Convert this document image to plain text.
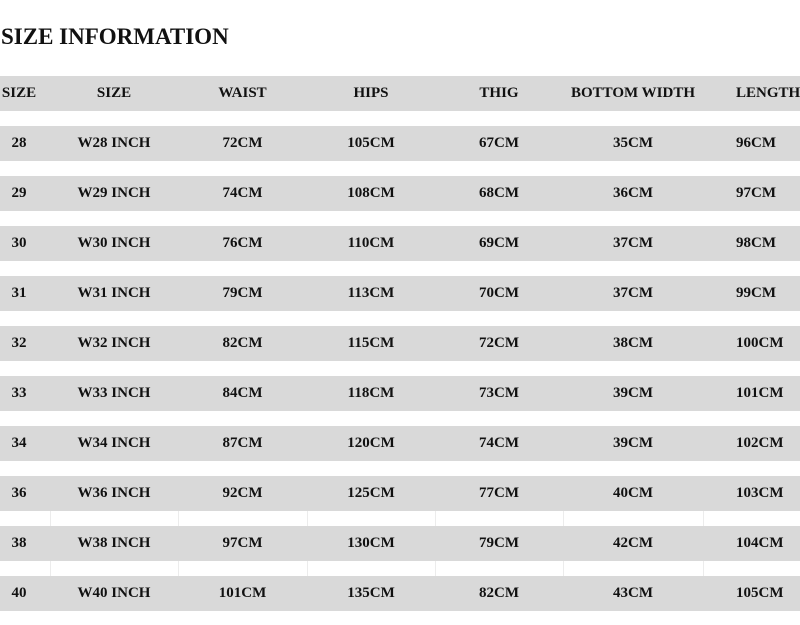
SIZE INFORMATION
SIZE	SIZE	WAIST	HIPS	THIG	BOTTOM WIDTH	LENGTH
28	W28 INCH	72CM	105CM	67CM	35CM	96CM
29	W29 INCH	74CM	108CM	68CM	36CM	97CM
30	W30 INCH	76CM	110CM	69CM	37CM	98CM
31	W31 INCH	79CM	113CM	70CM	37CM	99CM
32	W32 INCH	82CM	115CM	72CM	38CM	100CM
33	W33 INCH	84CM	118CM	73CM	39CM	101CM
34	W34 INCH	87CM	120CM	74CM	39CM	102CM
36	W36 INCH	92CM	125CM	77CM	40CM	103CM
38	W38 INCH	97CM	130CM	79CM	42CM	104CM
40	W40 INCH	101CM	135CM	82CM	43CM	105CM
